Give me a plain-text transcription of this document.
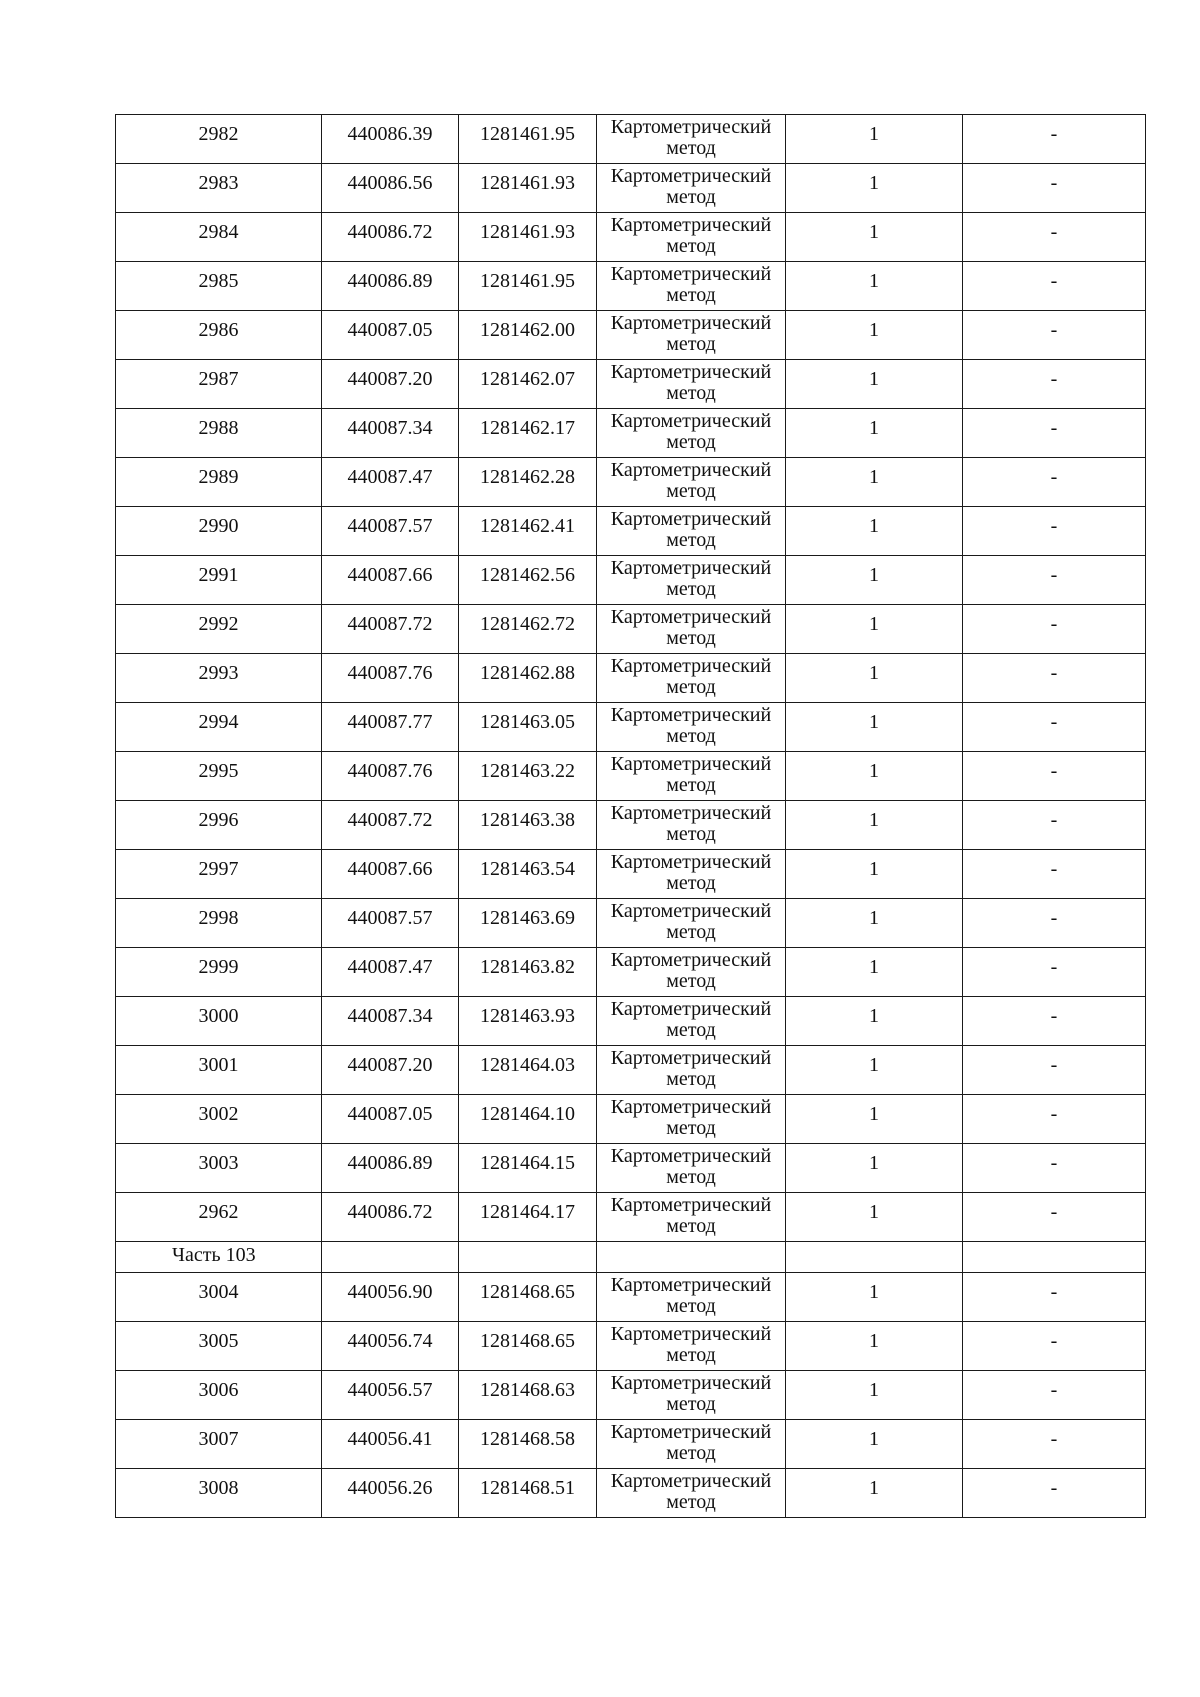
2982	440086.39	1281461.95	Картометрический метод	1	-

2983	440086.56	1281461.93	Картометрический метод	1	-

2984	440086.72	1281461.93	Картометрический метод	1	-

2985	440086.89	1281461.95	Картометрический метод	1	-

2986	440087.05	1281462.00	Картометрический метод	1	-

2987	440087.20	1281462.07	Картометрический метод	1	-

2988	440087.34	1281462.17	Картометрический метод	1	-

2989	440087.47	1281462.28	Картометрический метод	1	-

2990	440087.57	1281462.41	Картометрический метод	1	-

2991	440087.66	1281462.56	Картометрический метод	1	-

2992	440087.72	1281462.72	Картометрический метод	1	-

2993	440087.76	1281462.88	Картометрический метод	1	-

2994	440087.77	1281463.05	Картометрический метод	1	-

2995	440087.76	1281463.22	Картометрический метод	1	-

2996	440087.72	1281463.38	Картометрический метод	1	-

2997	440087.66	1281463.54	Картометрический метод	1	-

2998	440087.57	1281463.69	Картометрический метод	1	-

2999	440087.47	1281463.82	Картометрический метод	1	-

3000	440087.34	1281463.93	Картометрический метод	1	-

3001	440087.20	1281464.03	Картометрический метод	1	-

3002	440087.05	1281464.10	Картометрический метод	1	-

3003	440086.89	1281464.15	Картометрический метод	1	-

2962	440086.72	1281464.17	Картометрический метод	1	-

Часть 103					

3004	440056.90	1281468.65	Картометрический метод	1	-

3005	440056.74	1281468.65	Картометрический метод	1	-

3006	440056.57	1281468.63	Картометрический метод	1	-

3007	440056.41	1281468.58	Картометрический метод	1	-

3008	440056.26	1281468.51	Картометрический метод	1	-
